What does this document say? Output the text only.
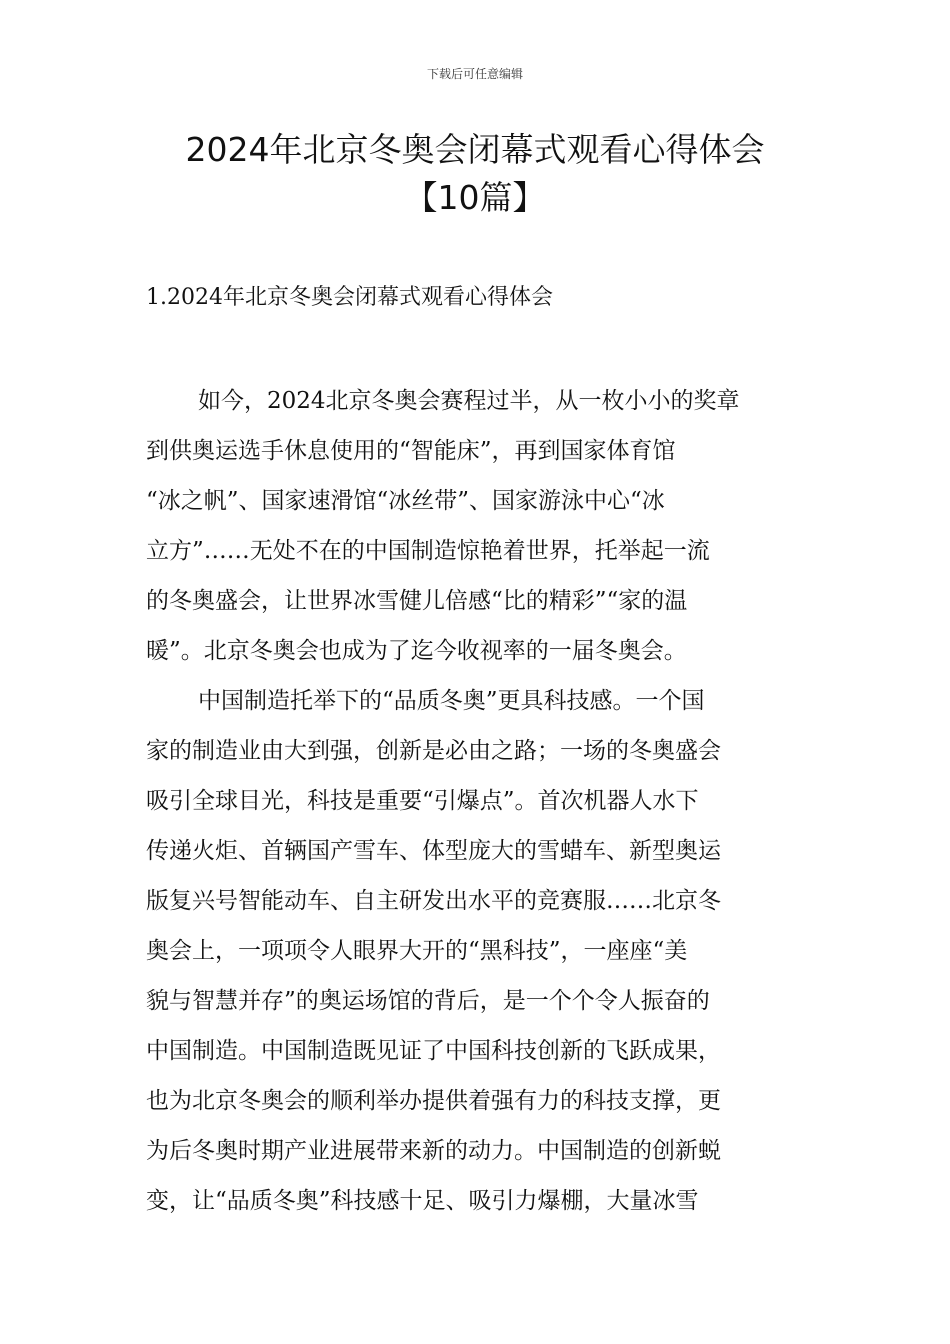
下载后可任意编辑
2024年北京冬奥会闭幕式观看心得体会
【10篇】
1.2024年北京冬奥会闭幕式观看心得体会
如今，2024北京冬奥会赛程过半，从一枚小小的奖章
到供奥运选手休息使用的“智能床”，再到国家体育馆
“冰之帆”、国家速滑馆“冰丝带”、国家游泳中心“冰
立方”……无处不在的中国制造惊艳着世界，托举起一流
的冬奥盛会，让世界冰雪健儿倍感“比的精彩”“家的温
暖”。北京冬奥会也成为了迄今收视率的一届冬奥会。
中国制造托举下的“品质冬奥”更具科技感。一个国
家的制造业由大到强，创新是必由之路；一场的冬奥盛会
吸引全球目光，科技是重要“引爆点”。首次机器人水下
传递火炬、首辆国产雪车、体型庞大的雪蜡车、新型奥运
版复兴号智能动车、自主研发出水平的竞赛服……北京冬
奥会上，一项项令人眼界大开的“黑科技”，一座座“美
貌与智慧并存”的奥运场馆的背后，是一个个令人振奋的
中国制造。中国制造既见证了中国科技创新的飞跃成果，
也为北京冬奥会的顺利举办提供着强有力的科技支撑，更
为后冬奥时期产业进展带来新的动力。中国制造的创新蜕
变，让“品质冬奥”科技感十足、吸引力爆棚，大量冰雪
